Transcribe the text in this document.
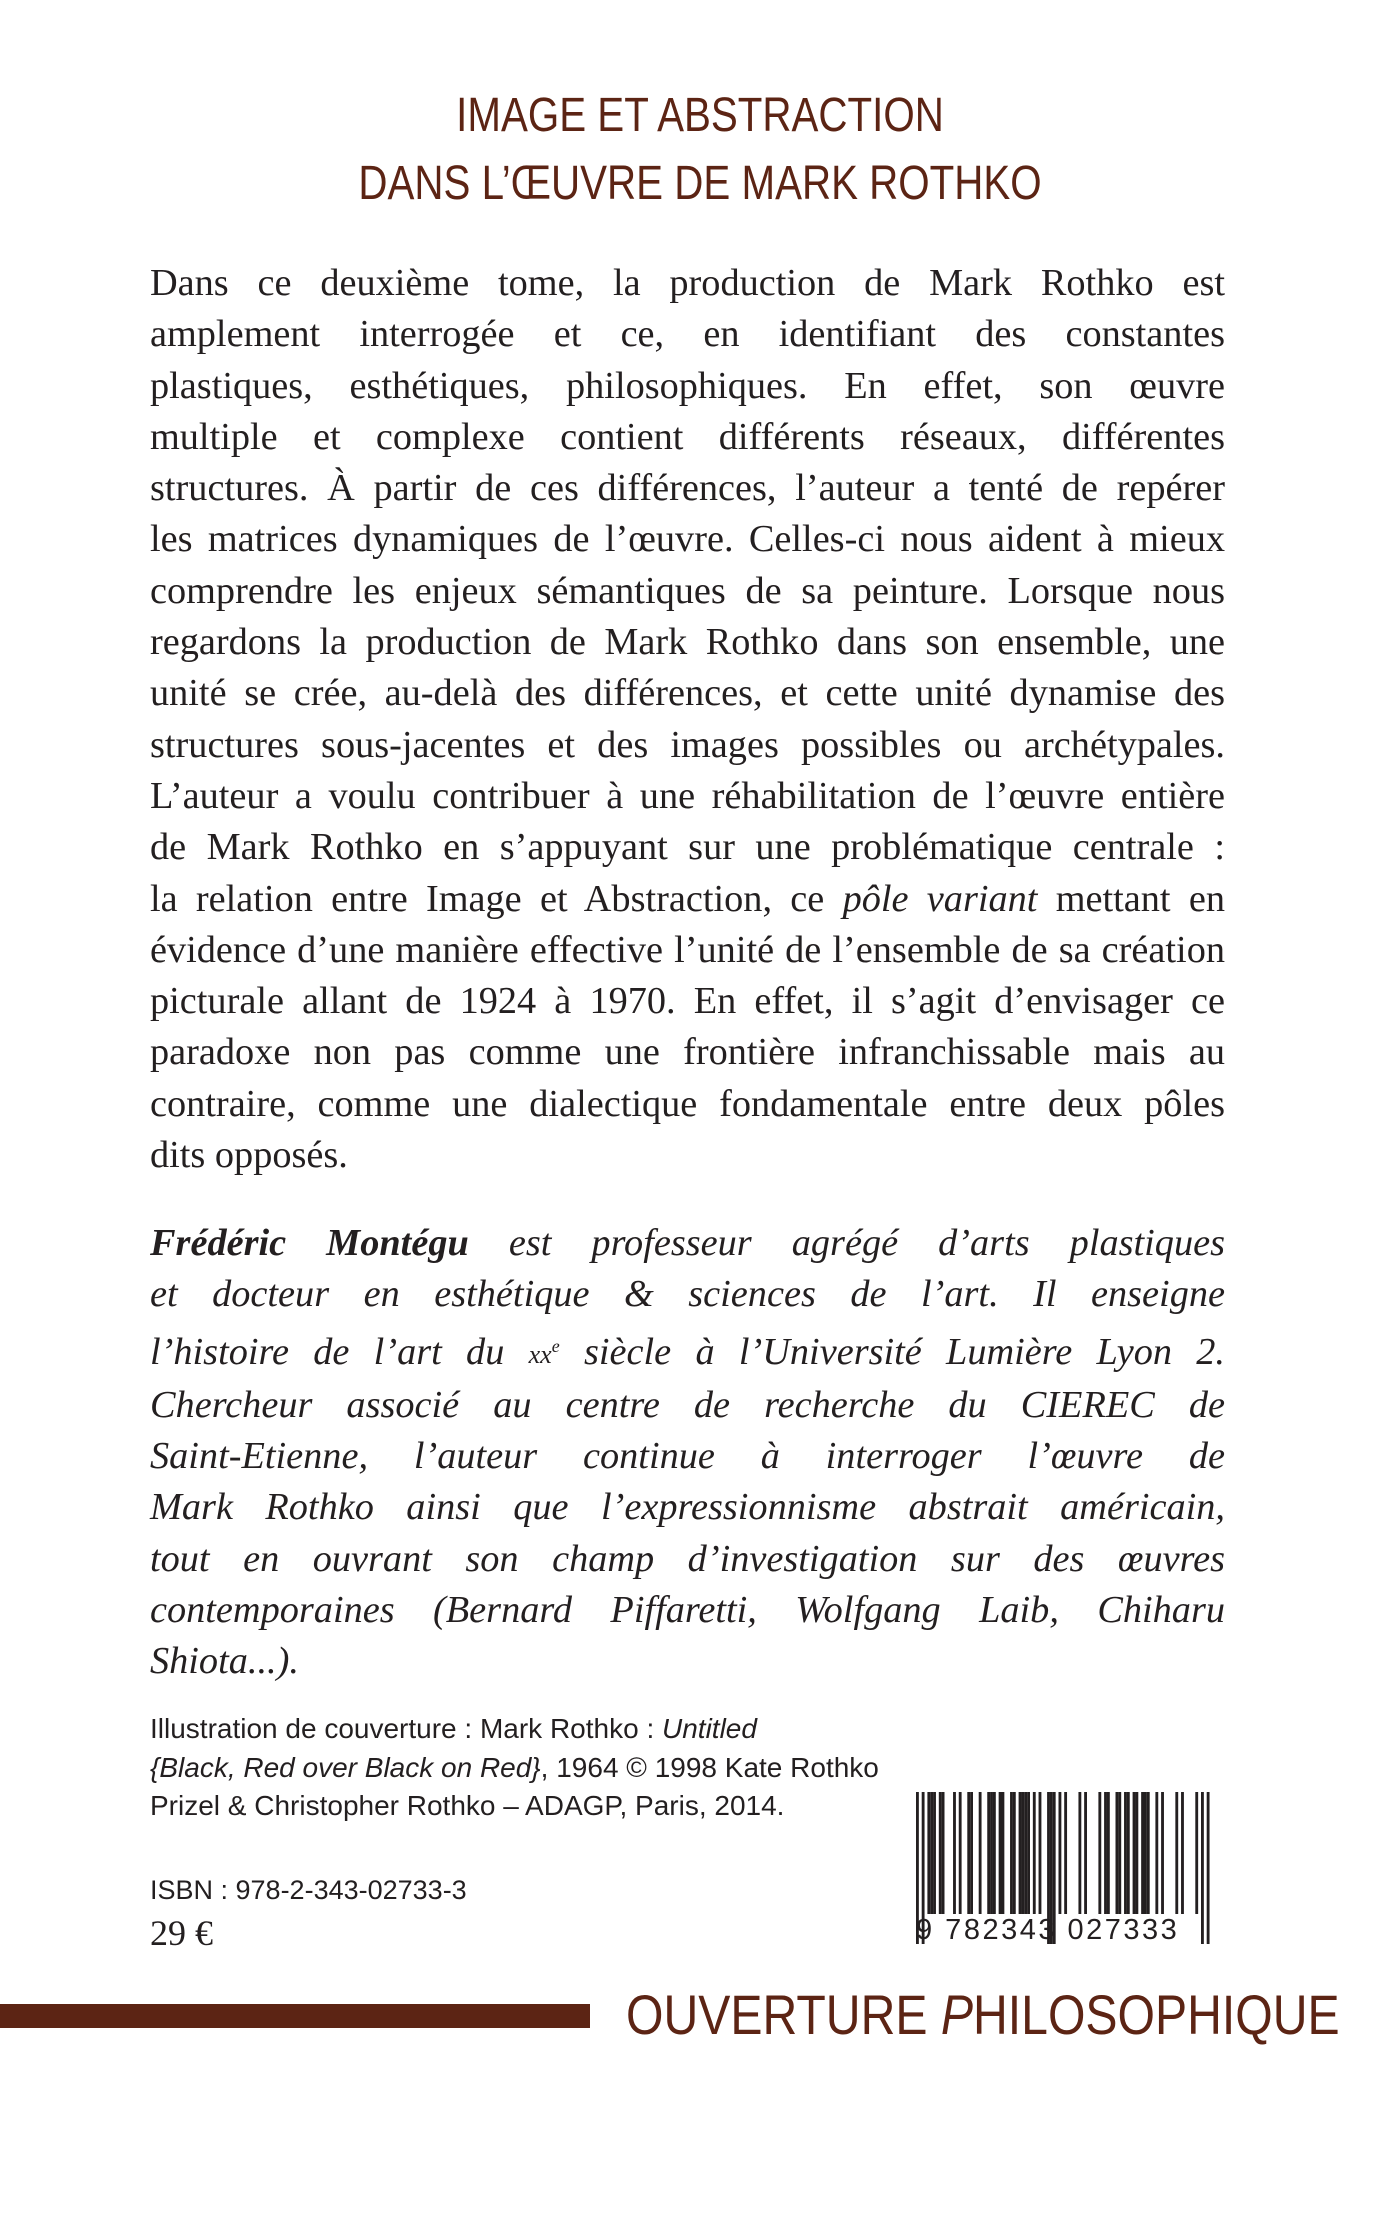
IMAGE ET ABSTRACTION
DANS L’ŒUVRE DE MARK ROTHKO
Dans ce deuxième tome, la production de Mark Rothko est
amplement interrogée et ce, en identifiant des constantes
plastiques, esthétiques, philosophiques. En effet, son œuvre
multiple et complexe contient différents réseaux, différentes
structures. À partir de ces différences, l’auteur a tenté de repérer
les matrices dynamiques de l’œuvre. Celles-ci nous aident à mieux
comprendre les enjeux sémantiques de sa peinture. Lorsque nous
regardons la production de Mark Rothko dans son ensemble, une
unité se crée, au-delà des différences, et cette unité dynamise des
structures sous-jacentes et des images possibles ou archétypales.
L’auteur a voulu contribuer à une réhabilitation de l’œuvre entière
de Mark Rothko en s’appuyant sur une problématique centrale :
la relation entre Image et Abstraction, ce pôle variant mettant en
évidence d’une manière effective l’unité de l’ensemble de sa création
picturale allant de 1924 à 1970. En effet, il s’agit d’envisager ce
paradoxe non pas comme une frontière infranchissable mais au
contraire, comme une dialectique fondamentale entre deux pôles
dits opposés.
Frédéric Montégu est professeur agrégé d’arts plastiques
et docteur en esthétique & sciences de l’art. Il enseigne
l’histoire de l’art du $xx^e$ siècle à l’Université Lumière Lyon 2.
Chercheur associé au centre de recherche du CIEREC de
Saint-Etienne, l’auteur continue à interroger l’œuvre de
Mark Rothko ainsi que l’expressionnisme abstrait américain,
tout en ouvrant son champ d’investigation sur des œuvres
contemporaines (Bernard Piffaretti, Wolfgang Laib, Chiharu
Shiota...).
Illustration de couverture : Mark Rothko : Untitled
{Black, Red over Black on Red}, 1964 © 1998 Kate Rothko
Prizel & Christopher Rothko – ADAGP, Paris, 2014.
ISBN : 978-2-343-02733-3
29 €	9 782343 027333
OUVERTURE PHILOSOPHIQUE
